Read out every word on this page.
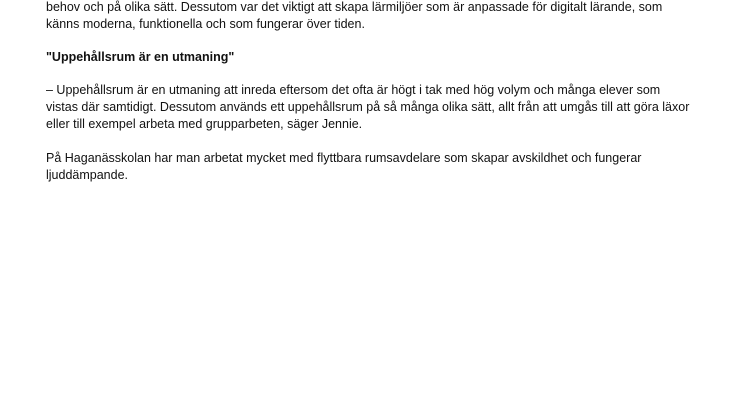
behov och på olika sätt. Dessutom var det viktigt att skapa lärmiljöer som är anpassade för digitalt lärande, som
känns moderna, funktionella och som fungerar över tiden.
"Uppehållsrum är en utmaning"
– Uppehållsrum är en utmaning att inreda eftersom det ofta är högt i tak med hög volym och många elever som
vistas där samtidigt. Dessutom används ett uppehållsrum på så många olika sätt, allt från att umgås till att göra läxor
eller till exempel arbeta med grupparbeten, säger Jennie.
På Haganässkolan har man arbetat mycket med flyttbara rumsavdelare som skapar avskildhet och fungerar
ljuddämpande.
